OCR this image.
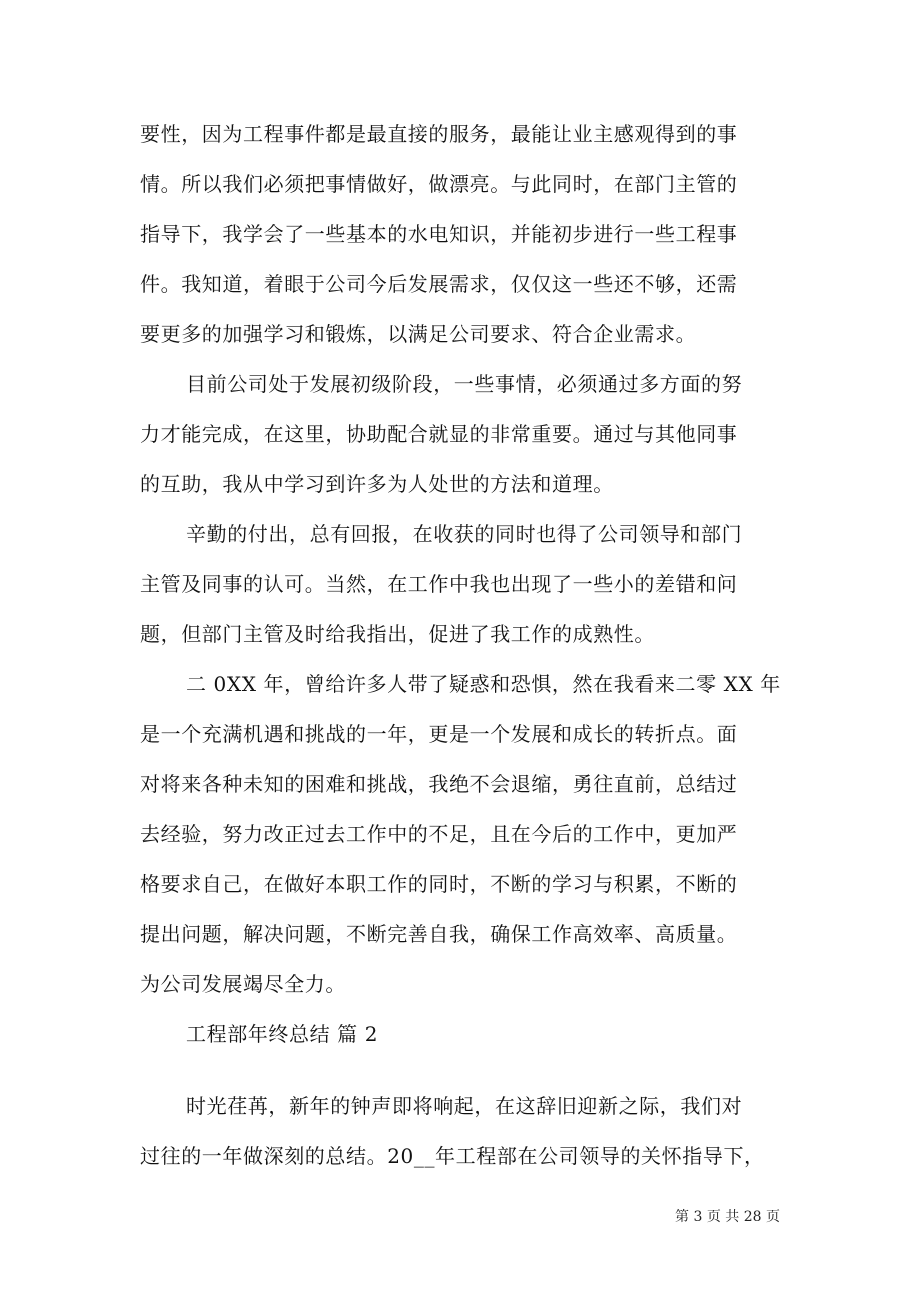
要性，因为工程事件都是最直接的服务，最能让业主感观得到的事
情。所以我们必须把事情做好，做漂亮。与此同时，在部门主管的
指导下，我学会了一些基本的水电知识，并能初步进行一些工程事
件。我知道，着眼于公司今后发展需求，仅仅这一些还不够，还需
要更多的加强学习和锻炼，以满足公司要求、符合企业需求。
目前公司处于发展初级阶段，一些事情，必须通过多方面的努
力才能完成，在这里，协助配合就显的非常重要。通过与其他同事
的互助，我从中学习到许多为人处世的方法和道理。
辛勤的付出，总有回报，在收获的同时也得了公司领导和部门
主管及同事的认可。当然，在工作中我也出现了一些小的差错和问
题，但部门主管及时给我指出，促进了我工作的成熟性。
二 0XX 年，曾给许多人带了疑惑和恐惧，然在我看来二零 XX 年
是一个充满机遇和挑战的一年，更是一个发展和成长的转折点。面
对将来各种未知的困难和挑战，我绝不会退缩，勇往直前，总结过
去经验，努力改正过去工作中的不足，且在今后的工作中，更加严
格要求自己，在做好本职工作的同时，不断的学习与积累，不断的
提出问题，解决问题，不断完善自我，确保工作高效率、高质量。
为公司发展竭尽全力。
工程部年终总结 篇 2
时光荏苒，新年的钟声即将响起，在这辞旧迎新之际，我们对
过往的一年做深刻的总结。20__年工程部在公司领导的关怀指导下，
第 3 页 共 28 页
